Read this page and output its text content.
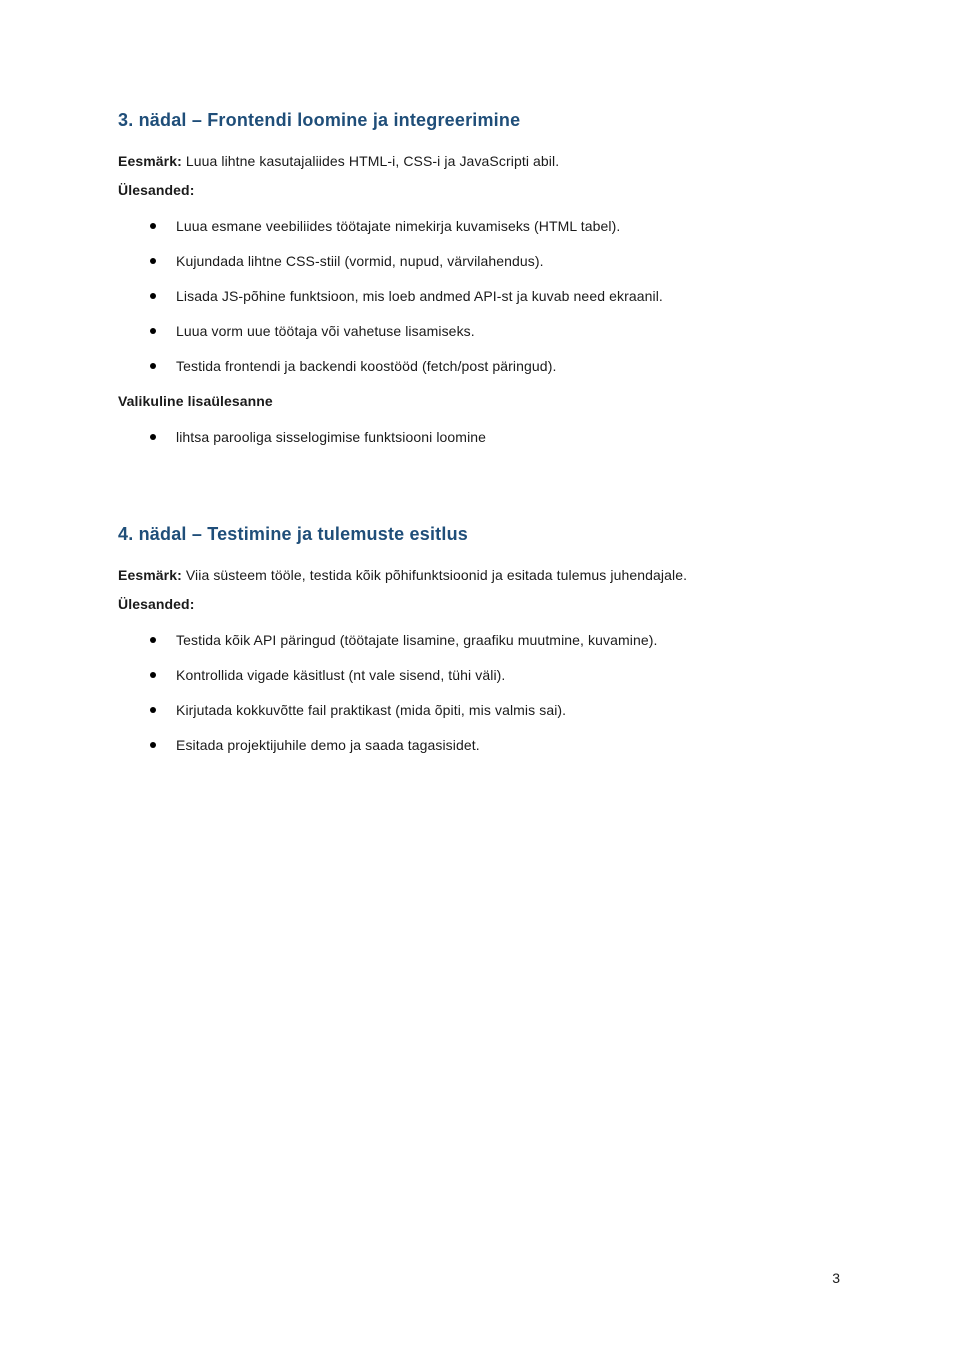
3. nädal – Frontendi loomine ja integreerimine

Eesmärk: Luua lihtne kasutajaliides HTML-i, CSS-i ja JavaScripti abil.

Ülesanded:

Luua esmane veebiliides töötajate nimekirja kuvamiseks (HTML tabel).
Kujundada lihtne CSS-stiil (vormid, nupud, värvilahendus).
Lisada JS-põhine funktsioon, mis loeb andmed API-st ja kuvab need ekraanil.
Luua vorm uue töötaja või vahetuse lisamiseks.
Testida frontendi ja backendi koostööd (fetch/post päringud).

Valikuline lisaülesanne

lihtsa parooliga sisselogimise funktsiooni loomine
4. nädal – Testimine ja tulemuste esitlus

Eesmärk: Viia süsteem tööle, testida kõik põhifunktsioonid ja esitada tulemus juhendajale.

Ülesanded:

Testida kõik API päringud (töötajate lisamine, graafiku muutmine, kuvamine).
Kontrollida vigade käsitlust (nt vale sisend, tühi väli).
Kirjutada kokkuvõtte fail praktikast (mida õpiti, mis valmis sai).
Esitada projektijuhile demo ja saada tagasisidet.
3
